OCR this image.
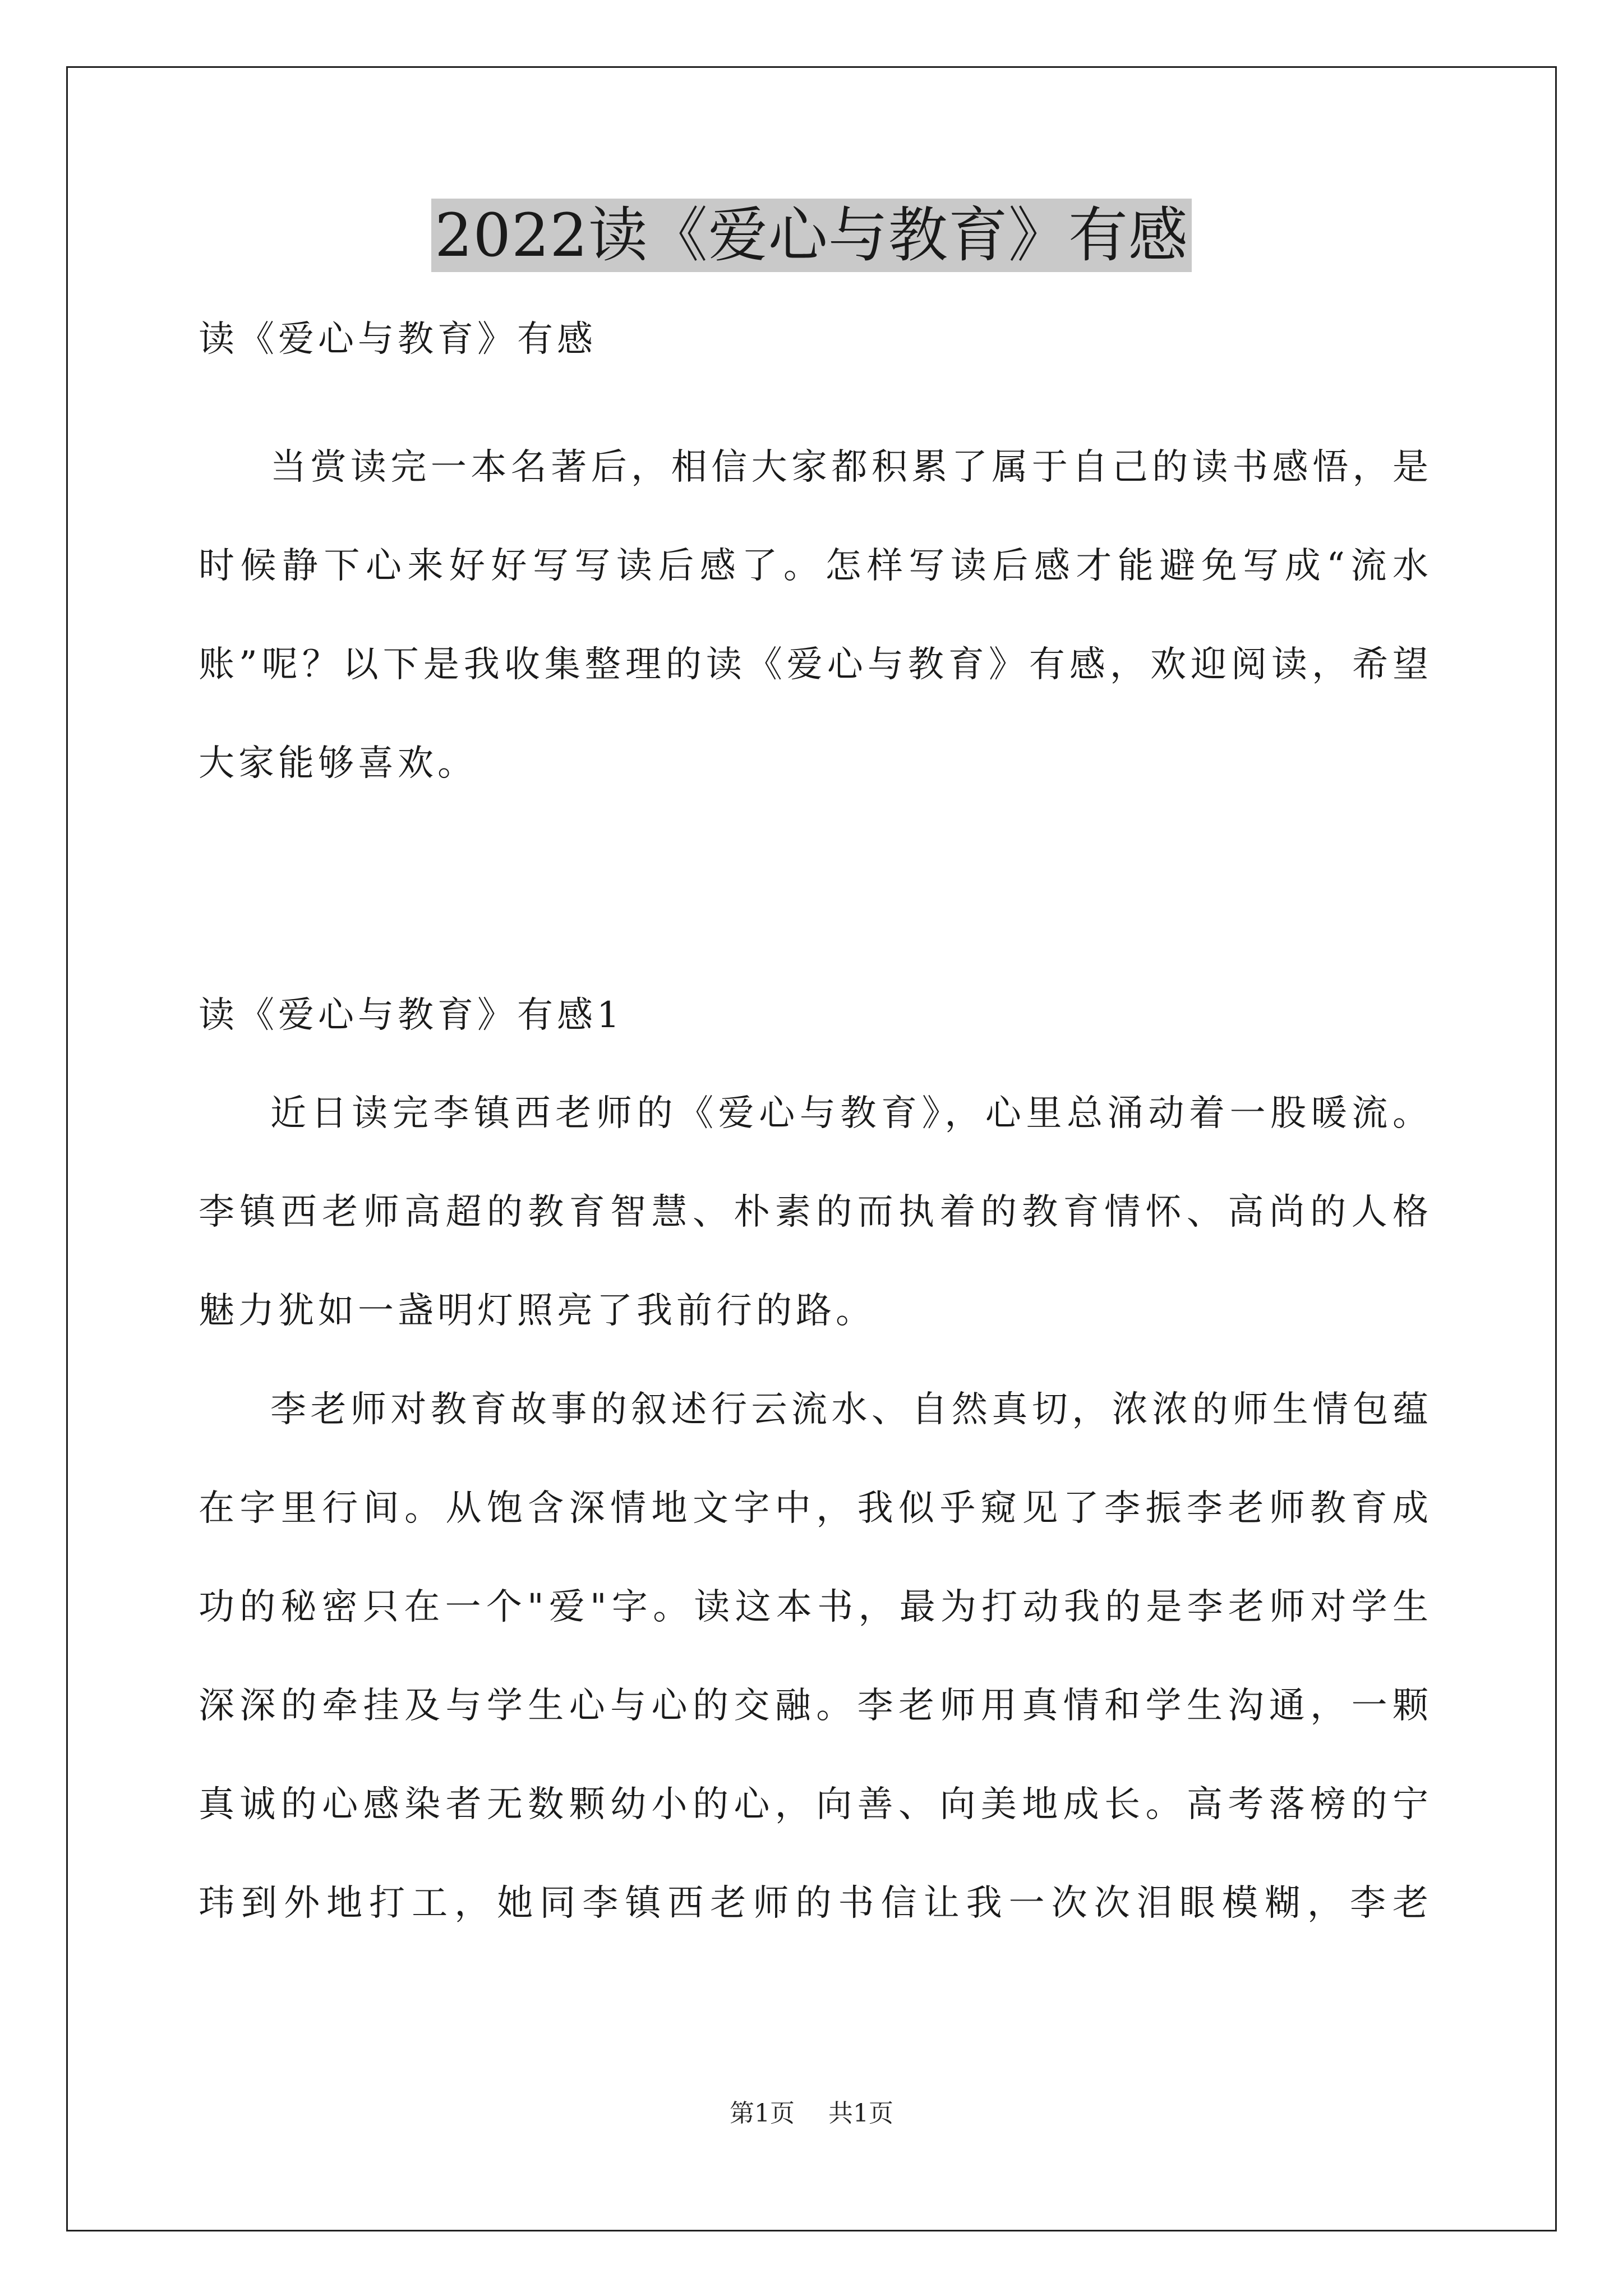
2022读《爱心与教育》有感
读《爱心与教育》有感

当赏读完一本名著后，相信大家都积累了属于自己的读书感悟，是时候静下心来好好写写读后感了。怎样写读后感才能避免写成“流水账”呢？以下是我收集整理的读《爱心与教育》有感，欢迎阅读，希望大家能够喜欢。

读《爱心与教育》有感1

近日读完李镇西老师的《爱心与教育》，心里总涌动着一股暖流。李镇西老师高超的教育智慧、朴素的而执着的教育情怀、高尚的人格魅力犹如一盏明灯照亮了我前行的路。

李老师对教育故事的叙述行云流水、自然真切，浓浓的师生情包蕴在字里行间。从饱含深情地文字中，我似乎窥见了李振李老师教育成功的秘密只在一个"爱"字。读这本书，最为打动我的是李老师对学生深深的牵挂及与学生心与心的交融。李老师用真情和学生沟通，一颗真诚的心感染者无数颗幼小的心，向善、向美地成长。高考落榜的宁玮到外地打工，她同李镇西老师的书信让我一次次泪眼模糊，李老

第1页 共1页
